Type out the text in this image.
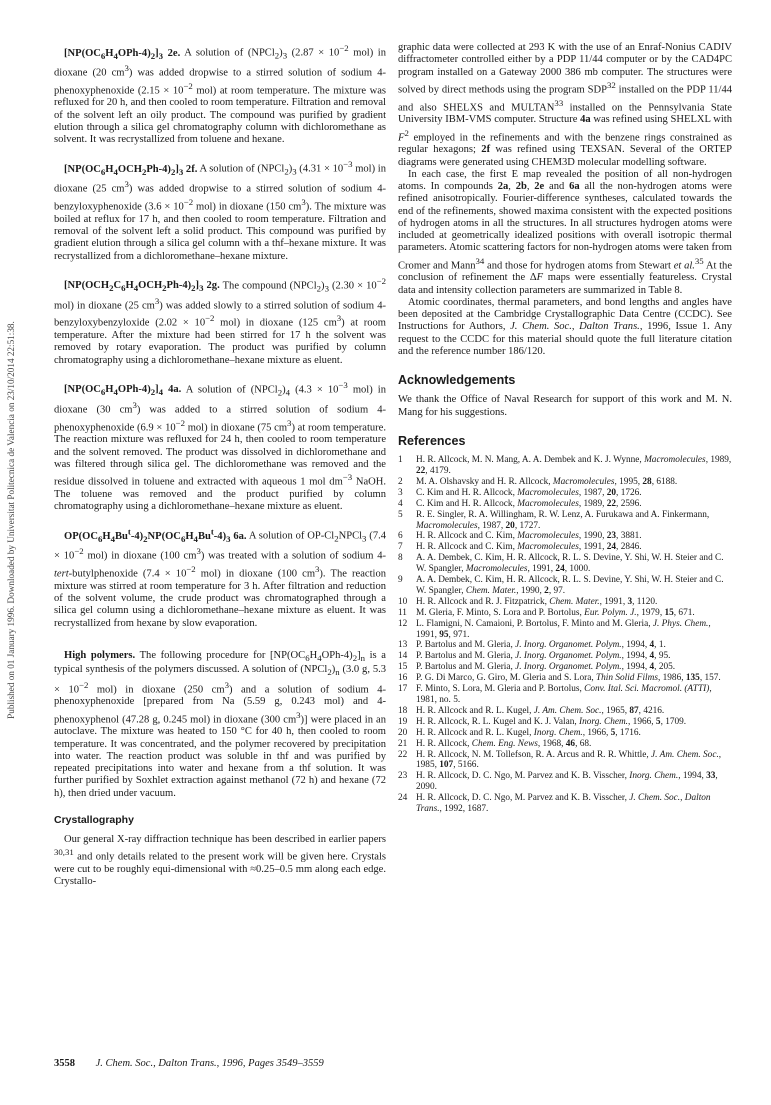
Published on 01 January 1996. Downloaded by Universitat Politecnica de Valencia on 23/10/2014 22:51:38.

$[NP(OC_6H_4OPh-4)_2]_3$ 2e. A solution of $(NPCl_2)_3$ ($2.87 \times 10^{-2}$ mol) in dioxane (20 $cm^3$) was added dropwise to a stirred solution of sodium 4-phenoxyphenoxide ($2.15 \times 10^{-2}$ mol) at room temperature. The mixture was refluxed for 20 h, and then cooled to room temperature. Filtration and removal of the solvent left an oily product. The compound was purified by gradient elution through a silica gel chromatography column with dichloromethane as solvent. It was recrystallized from toluene and hexane.

$[NP(OC_6H_4OCH_2Ph-4)_2]_3$ 2f. A solution of $(NPCl_2)_3$ ($4.31 \times 10^{-3}$ mol) in dioxane (25 $cm^3$) was added dropwise to a stirred solution of sodium 4-benzyloxyphenoxide ($3.6 \times 10^{-2}$ mol) in dioxane (150 $cm^3$). The mixture was boiled at reflux for 17 h, and then cooled to room temperature. Filtration and removal of the solvent left a solid product. This compound was purified by gradient elution through a silica gel column with a thf–hexane mixture. It was recrystallized from a dichloromethane–hexane mixture.

$[NP(OCH_2C_6H_4OCH_2Ph-4)_2]_3$ 2g. The compound $(NPCl_2)_3$ ($2.30 \times 10^{-2}$ mol) in dioxane (25 $cm^3$) was added slowly to a stirred solution of sodium 4-benzyloxybenzyloxide ($2.02 \times 10^{-2}$ mol) in dioxane (125 $cm^3$) at room temperature. After the mixture had been stirred for 17 h the solvent was removed by rotary evaporation. The product was purified by column chromatography using a dichloromethane–hexane mixture as eluent.

$[NP(OC_6H_4OPh-4)_2]_4$ 4a. A solution of $(NPCl_2)_4$ ($4.3 \times 10^{-3}$ mol) in dioxane (30 $cm^3$) was added to a stirred solution of sodium 4-phenoxyphenoxide ($6.9 \times 10^{-2}$ mol) in dioxane (75 $cm^3$) at room temperature. The reaction mixture was refluxed for 24 h, then cooled to room temperature and the solvent removed. The product was dissolved in dichloromethane and was filtered through silica gel. The dichloromethane was removed and the residue dissolved in toluene and extracted with aqueous 1 mol $dm^{-3}$ NaOH. The toluene was removed and the product purified by column chromatography using a dichloromethane–hexane mixture as eluent.

$OP(OC_6H_4Bu^t-4)_2NP(OC_6H_4Bu^t-4)_3$ 6a. A solution of $OP-Cl_2NPCl_3$ ($7.4 \times 10^{-2}$ mol) in dioxane (100 $cm^3$) was treated with a solution of sodium 4-tert-butylphenoxide ($7.4 \times 10^{-2}$ mol) in dioxane (100 $cm^3$). The reaction mixture was stirred at room temperature for 3 h. After filtration and reduction of the solvent volume, the crude product was chromatographed through a silica gel column using a dichloromethane–hexane mixture as eluent. It was recrystallized from hexane by slow evaporation.

High polymers. The following procedure for $[NP(OC_6H_4OPh-4)_2]_n$ is a typical synthesis of the polymers discussed. A solution of $(NPCl_2)_n$ (3.0 g, $5.3 \times 10^{-2}$ mol) in dioxane (250 $cm^3$) and a solution of sodium 4-phenoxyphenoxide [prepared from Na (5.59 g, 0.243 mol) and 4-phenoxyphenol (47.28 g, 0.245 mol) in dioxane (300 $cm^3$)] were placed in an autoclave. The mixture was heated to 150 °C for 40 h, then cooled to room temperature. It was concentrated, and the polymer recovered by precipitation into water. The reaction product was soluble in thf and was purified by repeated precipitations into water and hexane from a thf solution. It was further purified by Soxhlet extraction against methanol (72 h) and hexane (72 h), then dried under vacuum.

Crystallography

Our general X-ray diffraction technique has been described in earlier papers $^{30,31}$ and only details related to the present work will be given here. Crystals were cut to be roughly equi-dimensional with ≈0.25–0.5 mm along each edge. Crystallo-

graphic data were collected at 293 K with the use of an Enraf-Nonius CADIV diffractometer controlled either by a PDP 11/44 computer or by the CAD4PC program installed on a Gateway 2000 386 mb computer. The structures were solved by direct methods using the program SDP$^{32}$ installed on the PDP 11/44 and also SHELXS and MULTAN$^{33}$ installed on the Pennsylvania State University IBM-VMS computer. Structure 4a was refined using SHELXL with $F^2$ employed in the refinements and with the benzene rings constrained as regular hexagons; 2f was refined using TEXSAN. Several of the ORTEP diagrams were generated using CHEM3D molecular modelling software.

In each case, the first E map revealed the position of all non-hydrogen atoms. In compounds 2a, 2b, 2e and 6a all the non-hydrogen atoms were refined anisotropically. Fourier-difference syntheses, calculated towards the end of the refinements, showed maxima consistent with the expected positions of hydrogen atoms in all the structures. In all structures hydrogen atoms were included at geometrically idealized positions with overall isotropic thermal parameters. Atomic scattering factors for non-hydrogen atoms were taken from Cromer and Mann$^{34}$ and those for hydrogen atoms from Stewart et al.$^{35}$ At the conclusion of refinement the ΔF maps were essentially featureless. Crystal data and intensity collection parameters are summarized in Table 8.

Atomic coordinates, thermal parameters, and bond lengths and angles have been deposited at the Cambridge Crystallographic Data Centre (CCDC). See Instructions for Authors, J. Chem. Soc., Dalton Trans., 1996, Issue 1. Any request to the CCDC for this material should quote the full literature citation and the reference number 186/120.

Acknowledgements

We thank the Office of Naval Research for support of this work and M. N. Mang for his suggestions.

References
1 H. R. Allcock, M. N. Mang, A. A. Dembek and K. J. Wynne, Macromolecules, 1989, 22, 4179.
2 M. A. Olshavsky and H. R. Allcock, Macromolecules, 1995, 28, 6188.
3 C. Kim and H. R. Allcock, Macromolecules, 1987, 20, 1726.
4 C. Kim and H. R. Allcock, Macromolecules, 1989, 22, 2596.
5 R. E. Singler, R. A. Willingham, R. W. Lenz, A. Furukawa and A. Finkermann, Macromolecules, 1987, 20, 1727.
6 H. R. Allcock and C. Kim, Macromolecules, 1990, 23, 3881.
7 H. R. Allcock and C. Kim, Macromolecules, 1991, 24, 2846.
8 A. A. Dembek, C. Kim, H. R. Allcock, R. L. S. Devine, Y. Shi, W. H. Steier and C. W. Spangler, Macromolecules, 1991, 24, 1000.
9 A. A. Dembek, C. Kim, H. R. Allcock, R. L. S. Devine, Y. Shi, W. H. Steier and C. W. Spangler, Chem. Mater., 1990, 2, 97.
10 H. R. Allcock and R. J. Fitzpatrick, Chem. Mater., 1991, 3, 1120.
11 M. Gleria, F. Minto, S. Lora and P. Bortolus, Eur. Polym. J., 1979, 15, 671.
12 L. Flamigni, N. Camaioni, P. Bortolus, F. Minto and M. Gleria, J. Phys. Chem., 1991, 95, 971.
13 P. Bartolus and M. Gleria, J. Inorg. Organomet. Polym., 1994, 4, 1.
14 P. Bartolus and M. Gleria, J. Inorg. Organomet. Polym., 1994, 4, 95.
15 P. Bartolus and M. Gleria, J. Inorg. Organomet. Polym., 1994, 4, 205.
16 P. G. Di Marco, G. Giro, M. Gleria and S. Lora, Thin Solid Films, 1986, 135, 157.
17 F. Minto, S. Lora, M. Gleria and P. Bortolus, Conv. Ital. Sci. Macromol. (ATTI), 1981, no. 5.
18 H. R. Allcock and R. L. Kugel, J. Am. Chem. Soc., 1965, 87, 4216.
19 H. R. Allcock, R. L. Kugel and K. J. Valan, Inorg. Chem., 1966, 5, 1709.
20 H. R. Allcock and R. L. Kugel, Inorg. Chem., 1966, 5, 1716.
21 H. R. Allcock, Chem. Eng. News, 1968, 46, 68.
22 H. R. Allcock, N. M. Tollefson, R. A. Arcus and R. R. Whittle, J. Am. Chem. Soc., 1985, 107, 5166.
23 H. R. Allcock, D. C. Ngo, M. Parvez and K. B. Visscher, Inorg. Chem., 1994, 33, 2090.
24 H. R. Allcock, D. C. Ngo, M. Parvez and K. B. Visscher, J. Chem. Soc., Dalton Trans., 1992, 1687.
3558 J. Chem. Soc., Dalton Trans., 1996, Pages 3549–3559
